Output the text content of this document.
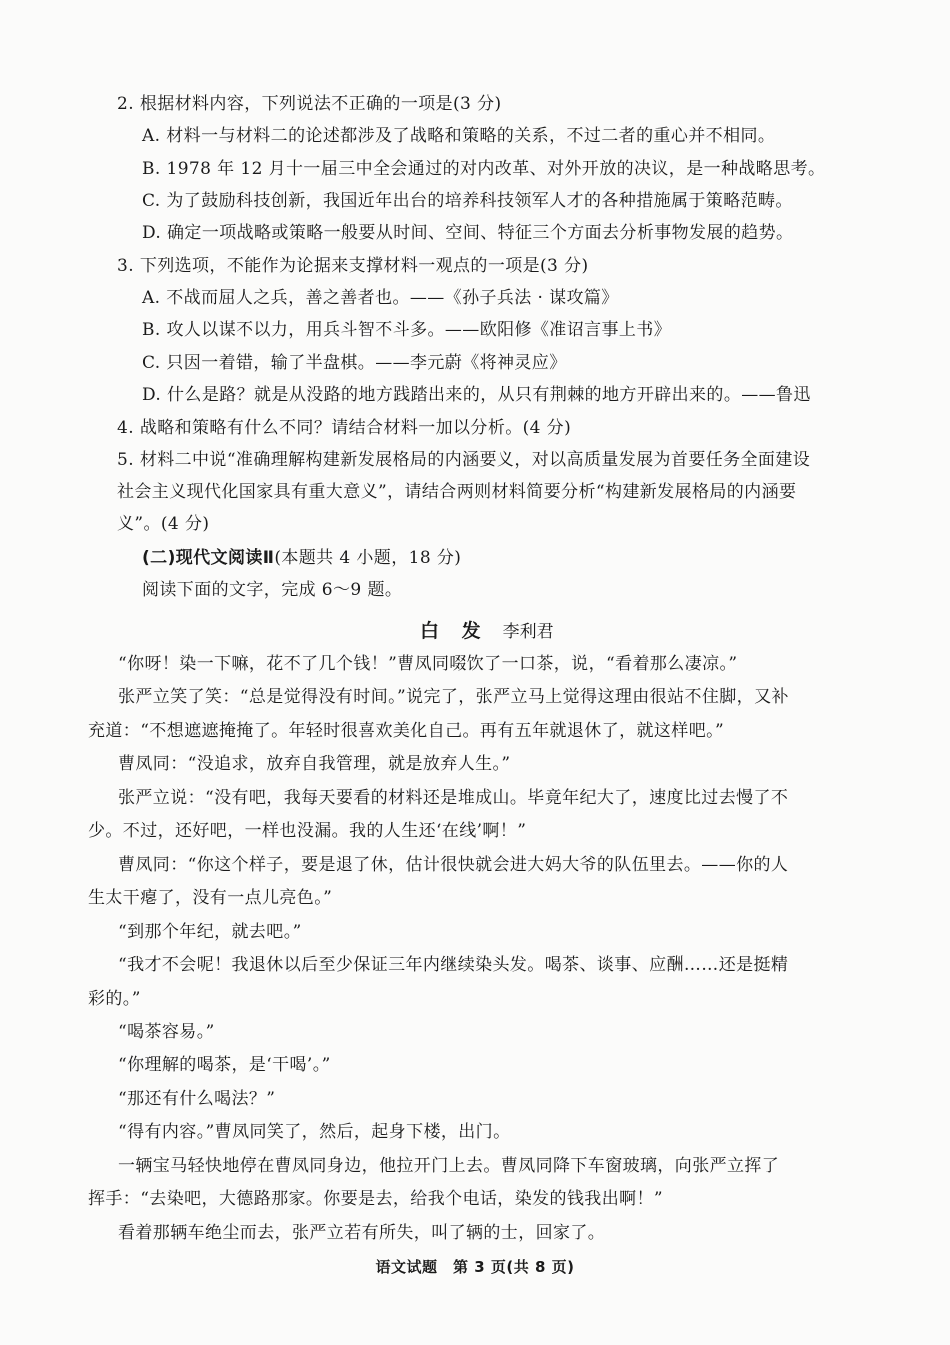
2. 根据材料内容，下列说法不正确的一项是(3 分)
A. 材料一与材料二的论述都涉及了战略和策略的关系，不过二者的重心并不相同。
B. 1978 年 12 月十一届三中全会通过的对内改革、对外开放的决议，是一种战略思考。
C. 为了鼓励科技创新，我国近年出台的培养科技领军人才的各种措施属于策略范畴。
D. 确定一项战略或策略一般要从时间、空间、特征三个方面去分析事物发展的趋势。
3. 下列选项，不能作为论据来支撑材料一观点的一项是(3 分)
A. 不战而屈人之兵，善之善者也。——《孙子兵法 · 谋攻篇》
B. 攻人以谋不以力，用兵斗智不斗多。——欧阳修《准诏言事上书》
C. 只因一着错，输了半盘棋。——李元蔚《将神灵应》
D. 什么是路？就是从没路的地方践踏出来的，从只有荆棘的地方开辟出来的。——鲁迅
4. 战略和策略有什么不同？请结合材料一加以分析。(4 分)
5. 材料二中说“准确理解构建新发展格局的内涵要义，对以高质量发展为首要任务全面建设
社会主义现代化国家具有重大意义”，请结合两则材料简要分析“构建新发展格局的内涵要
义”。(4 分)
(二)现代文阅读Ⅱ(本题共 4 小题，18 分)
阅读下面的文字，完成 6～9 题。
白 发 李利君
“你呀！染一下嘛，花不了几个钱！”曹凤同啜饮了一口茶，说，“看着那么凄凉。”
张严立笑了笑：“总是觉得没有时间。”说完了，张严立马上觉得这理由很站不住脚，又补
充道：“不想遮遮掩掩了。年轻时很喜欢美化自己。再有五年就退休了，就这样吧。”
曹凤同：“没追求，放弃自我管理，就是放弃人生。”
张严立说：“没有吧，我每天要看的材料还是堆成山。毕竟年纪大了，速度比过去慢了不
少。不过，还好吧，一样也没漏。我的人生还‘在线’啊！”
曹凤同：“你这个样子，要是退了休，估计很快就会进大妈大爷的队伍里去。——你的人
生太干瘪了，没有一点儿亮色。”
“到那个年纪，就去吧。”
“我才不会呢！我退休以后至少保证三年内继续染头发。喝茶、谈事、应酬……还是挺精
彩的。”
“喝茶容易。”
“你理解的喝茶，是‘干喝’。”
“那还有什么喝法？”
“得有内容。”曹凤同笑了，然后，起身下楼，出门。
一辆宝马轻快地停在曹凤同身边，他拉开门上去。曹凤同降下车窗玻璃，向张严立挥了
挥手：“去染吧，大德路那家。你要是去，给我个电话，染发的钱我出啊！”
看着那辆车绝尘而去，张严立若有所失，叫了辆的士，回家了。
语文试题　第 3 页(共 8 页)
